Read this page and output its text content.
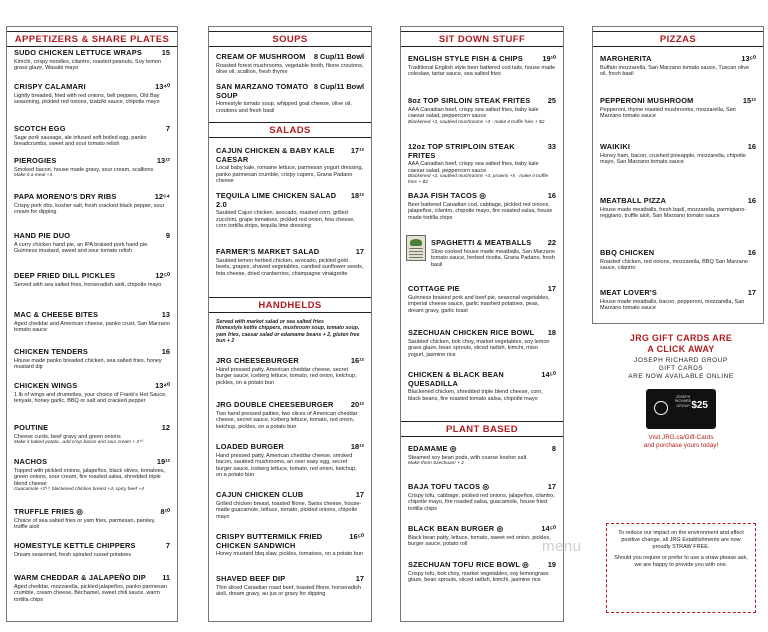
APPETIZERS & SHARE PLATES
SUDO CHICKEN LETTUCE WRAPS	15
Kimchi, crispy noodles, cilantro, roasted peanuts, Soy lemon grass glaze, Wasabi mayo
CRISPY CALAMARI	13⁴⁰
Lightly breaded, fried with red onions, bell peppers, Old Bay seasoning, pickled red onions, tzatziki sauce, chipotle mayo
SCOTCH EGG	7
Sage pork sausage, ale infused soft boiled egg, panko breadcrumbs, sweet and sour tomato relish
PIEROGIES	13¹²
Smoked bacon, house made gravy, sour cream, scallions
Make it a meal +4
PAPA MORENO'S DRY RIBS	12⁶⁴
Crispy pork ribs, kosher salt, fresh cracked black pepper, sour cream for dipping
HAND PIE DUO	9
A curry chicken hand pie, an IPA braised pork hand pie. Guinness mustard, sweet and sour tomato relish
DEEP FRIED DILL PICKLES	12⁵⁰
Served with sea salted fries, horseradish aioli, chipotle mayo
MAC & CHEESE BITES	13
Aged cheddar and American cheese, panko crust, San Marzano tomato sauce
CHICKEN TENDERS	16
House made panko breaded chicken, sea salted fries, honey mustard dip
CHICKEN WINGS	13⁴⁰
1 lb of wings and drumettes, your choice of Frank's Hot Sauce, teriyaki, honey garlic, BBQ or salt and cracked pepper
POUTINE	12
Cheese curds, beef gravy and green onions
Make it baked potato...add crisp bacon and sour cream + 2¹⁰
NACHOS	19¹²
Topped with pickled onions, jalapeños, black olives, tomatoes, green onions, sour cream, fire roasted salsa, shredded triple blend cheese
Guacamole +2⁵⁰, blackened chicken breast +4, spicy beef +4
TRUFFLE FRIES ◎	8¹⁰
Choice of sea salted fries or yam fries, parmesan, parsley, truffle aioli
HOMESTYLE KETTLE CHIPPERS	7
Dream seasoned, fresh spiraled russet potatoes
WARM CHEDDAR & JALAPEÑO DIP 11
Aged cheddar, mozzarella, pickled jalapeños, panko parmesan crumble, cream cheese, Béchamel, sweet chili sauce, warm tortilla chips
SOUPS
CREAM OF MUSHROOM 8 Cup/11 Bowl
Roasted forest mushrooms, vegetable broth, filone croutons, olive oil, scallion, fresh thyme
SAN MARZANO TOMATO SOUP
8 Cup/11 Bowl
Homestyle tomato soup, whipped goat cheese, olive oil, croutons and fresh basil
SALADS
CAJUN CHICKEN & BABY KALE CAESAR
17¹²
Local baby kale, romaine lettuce, parmesan yogurt dressing, panko parmesan crumble, crispy capers, Grana Padano cheese
TEQUILA LIME CHICKEN SALAD 2.0
18¹²
Sautéed Cajun chicken, avocado, roasted corn, grilled zucchini, grape tomatoes, pickled red onion, feta cheese, corn tortilla strips, tequila lime dressing
FARMER'S MARKET SALAD	17
Sautéed lemon herbed chicken, avocado, pickled gold beets, grapes, shaved vegetables, candied sunflower seeds, feta cheese, dried cranberries, champagne vinaigrette
HANDHELDS
Served with market salad or sea salted fries
Homestyle kettle chippers, mushroom soup, tomato soup, yam fries, caesar salad or edamame beans + 2, gluten free bun + 2
JRG CHEESEBURGER	16¹²
Hand pressed patty, American cheddar cheese, secret burger sauce, iceberg lettuce, tomato, red onion, ketchup, pickles, on a potato bun
JRG DOUBLE CHEESEBURGER 20¹²
Two hand pressed patties, two slices of American cheddar cheese, secret sauce, iceberg lettuce, tomato, red onion, ketchup, pickles, on a potato bun
LOADED BURGER	18¹²
Hand pressed patty, American cheddar cheese, smoked bacon, sautéed mushrooms, an over easy egg, secret burger sauce, iceberg lettuce, tomato, red onion, ketchup, on a potato bun
CAJUN CHICKEN CLUB	17
Grilled chicken breast, toasted filone, Swiss cheese, house-made guacamole, lettuce, tomato, pickled onions, chipotle mayo
CRISPY BUTTERMILK FRIED CHICKEN SANDWICH
16⁵⁰
Honey mustard bbq slaw, pickles, tomatoes, on a potato bun
SHAVED BEEF DIP	17
Thin sliced Canadian roast beef, toasted filone, horseradish aioli, dream gravy, au jus or gravy for dipping
SIT DOWN STUFF
ENGLISH STYLE FISH & CHIPS	19¹⁰
Traditional English style beer battered cod tails, house made coleslaw, tartar sauce, sea salted fries
8oz TOP SIRLOIN STEAK FRITES 25
AAA Canadian beef, crispy sea salted fries, baby kale caesar salad, peppercorn sauce
Blackened +2, sautéed mushrooms +3 · make it truffle fries + $2
12oz TOP STRIPLOIN STEAK FRITES
33
AAA Canadian beef, crispy sea salted fries, baby kale caesar salad, peppercorn sauce
Blackened +2, sautéed mushrooms +3, prawns +5 · make it truffle fries + $2
BAJA FISH TACOS ◎	16
Beer battered Canadian cod, cabbage, pickled red onions, jalapeños, cilantro, chipotle mayo, fire roasted salsa, house made tortilla chips
SPAGHETTI & MEATBALLS 22
Slow cooked house made meatballs, San Marzano tomato sauce, herbed ricotta, Grana Padano, fresh basil
COTTAGE PIE	17
Guinness braised pork and beef pie, seasonal vegetables, imperial cheese sauce, garlic mashed potatoes, peas, dream gravy, garlic toast
SZECHUAN CHICKEN RICE BOWL 18
Sautéed chicken, bok choy, market vegetables, soy lemon grass glaze, bean sprouts, sliced radish, kimchi, miso yogurt, jasmine rice
CHICKEN & BLACK BEAN QUESADILLA
14⁵⁰
Blackened chicken, shredded triple blend cheese, corn, black beans, fire roasted tomato salsa, chipotle mayo
PLANT BASED
EDAMAME ◎	8
Steamed soy bean pods, with coarse kosher salt
Make them Szechuan! + 2
BAJA TOFU TACOS ◎	17
Crispy tofu, cabbage, pickled red onions, jalapeños, cilantro, chipotle mayo, fire roasted salsa, guacamole, house fried tortilla chips
BLACK BEAN BURGER ◎	14⁵⁰
Black bean patty, lettuce, tomato, sweet red onion, pickles, burger sauce, potato roll
SZECHUAN TOFU RICE BOWL ◎	19
Crispy tofu, bok choy, market vegetables, soy lemongrass glaze, bean sprouts, sliced radish, kimchi, jasmine rice
PIZZAS
MARGHERITA	13⁵⁰
Buffalo mozzarella, San Marzano tomato sauce, Tuscan olive oil, fresh basil
PEPPERONI MUSHROOM	15¹²
Pepperoni, thyme roasted mushrooms, mozzarella, San Marzano tomato sauce
WAIKIKI	16
Honey ham, bacon, crushed pineapple, mozzarella, chipotle mayo, San Marzano tomato sauce
MEATBALL PIZZA	16
House made meatballs, fresh basil, mozzarella, parmigiano-reggiano, truffle aioli, San Marzano tomato sauce
BBQ CHICKEN	16
Roasted chicken, red onions, mozzarella, BBQ San Marzano sauce, cilantro
MEAT LOVER'S	17
House made meatballs, bacon, pepperoni, mozzarella, San Marzano tomato sauce
JRG GIFT CARDS ARE
A CLICK AWAY
JOSEPH RICHARD GROUP
GIFT CARDS
ARE NOW AVAILABLE ONLINE
JOSEPH RICHARD GROUP $25
Visit JRG.ca/Gift-Cards
and purchase yours today!

To reduce our impact on the environment and affect positive change, all JRG Establishments are now proudly STRAW FREE.

Should you require or prefer to use a straw please ask, we are happy to provide you with one.

menu
